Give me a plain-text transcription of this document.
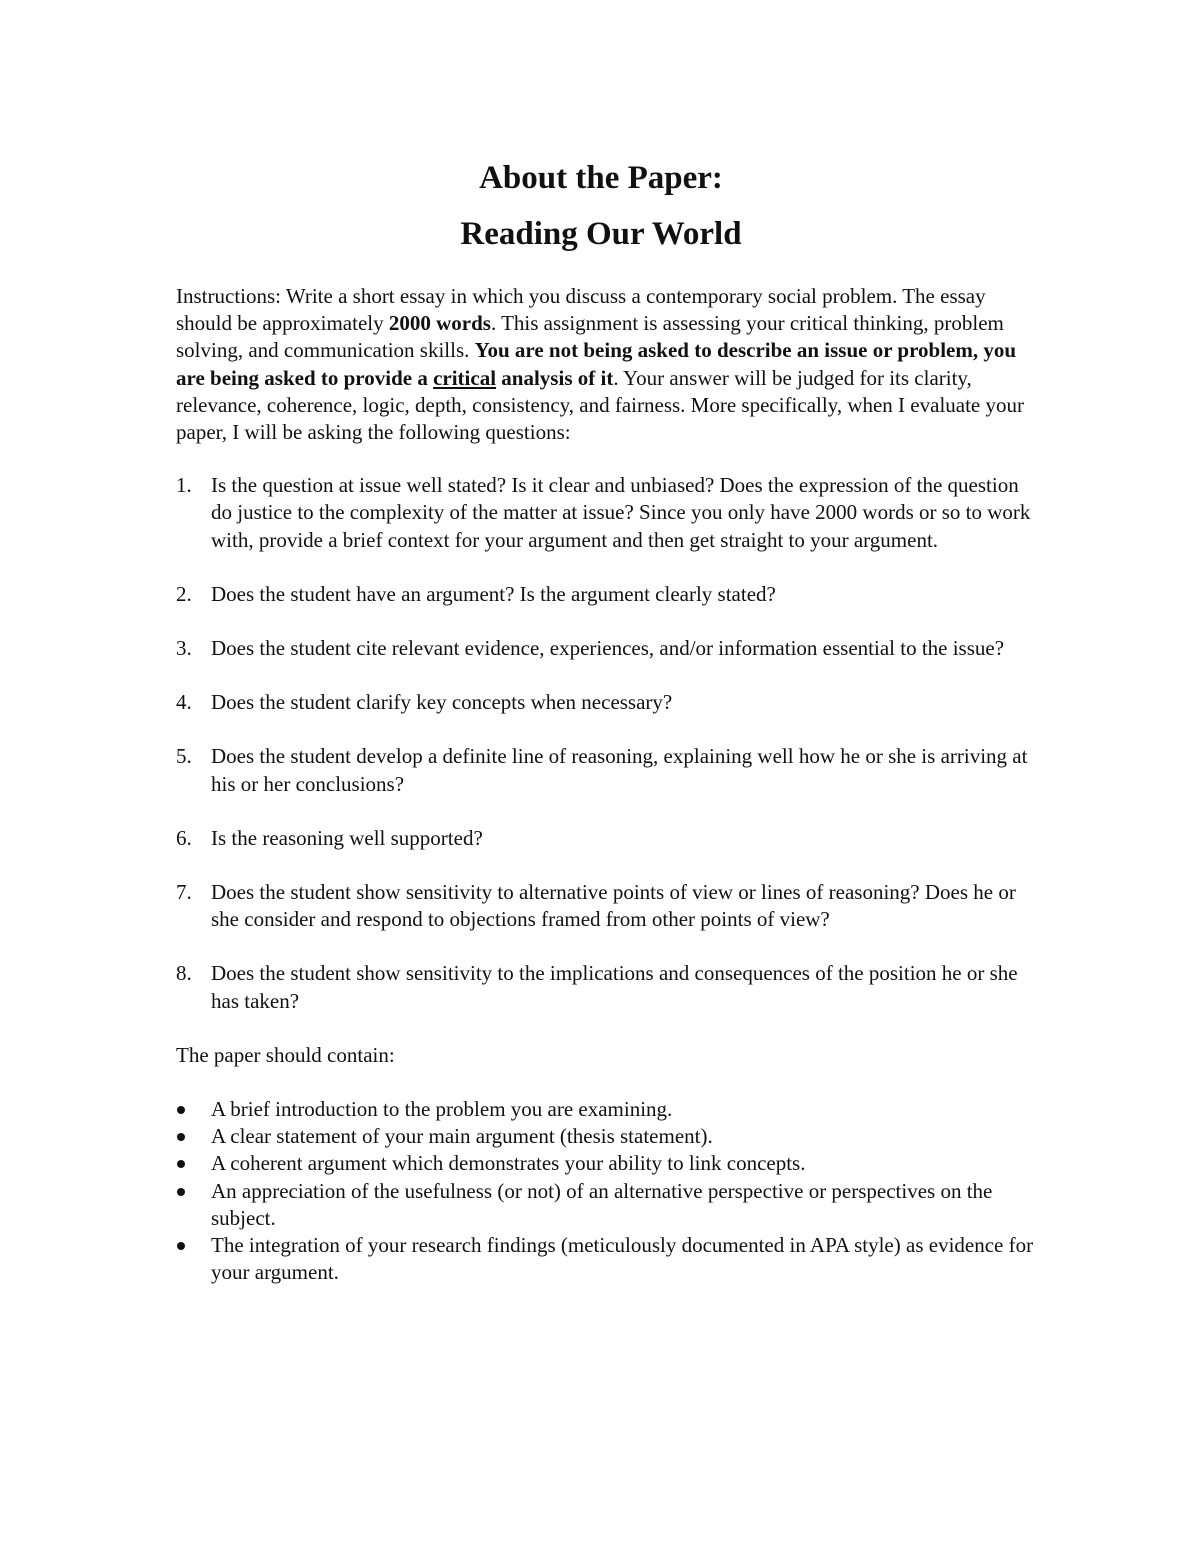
About the Paper:
Reading Our World
Instructions: Write a short essay in which you discuss a contemporary social problem. The essay should be approximately 2000 words. This assignment is assessing your critical thinking, problem solving, and communication skills. You are not being asked to describe an issue or problem, you are being asked to provide a critical analysis of it. Your answer will be judged for its clarity, relevance, coherence, logic, depth, consistency, and fairness. More specifically, when I evaluate your paper, I will be asking the following questions:
1. Is the question at issue well stated? Is it clear and unbiased? Does the expression of the question do justice to the complexity of the matter at issue? Since you only have 2000 words or so to work with, provide a brief context for your argument and then get straight to your argument.
2. Does the student have an argument? Is the argument clearly stated?
3. Does the student cite relevant evidence, experiences, and/or information essential to the issue?
4. Does the student clarify key concepts when necessary?
5. Does the student develop a definite line of reasoning, explaining well how he or she is arriving at his or her conclusions?
6. Is the reasoning well supported?
7. Does the student show sensitivity to alternative points of view or lines of reasoning? Does he or she consider and respond to objections framed from other points of view?
8. Does the student show sensitivity to the implications and consequences of the position he or she has taken?
The paper should contain:
A brief introduction to the problem you are examining.
A clear statement of your main argument (thesis statement).
A coherent argument which demonstrates your ability to link concepts.
An appreciation of the usefulness (or not) of an alternative perspective or perspectives on the subject.
The integration of your research findings (meticulously documented in APA style) as evidence for your argument.
